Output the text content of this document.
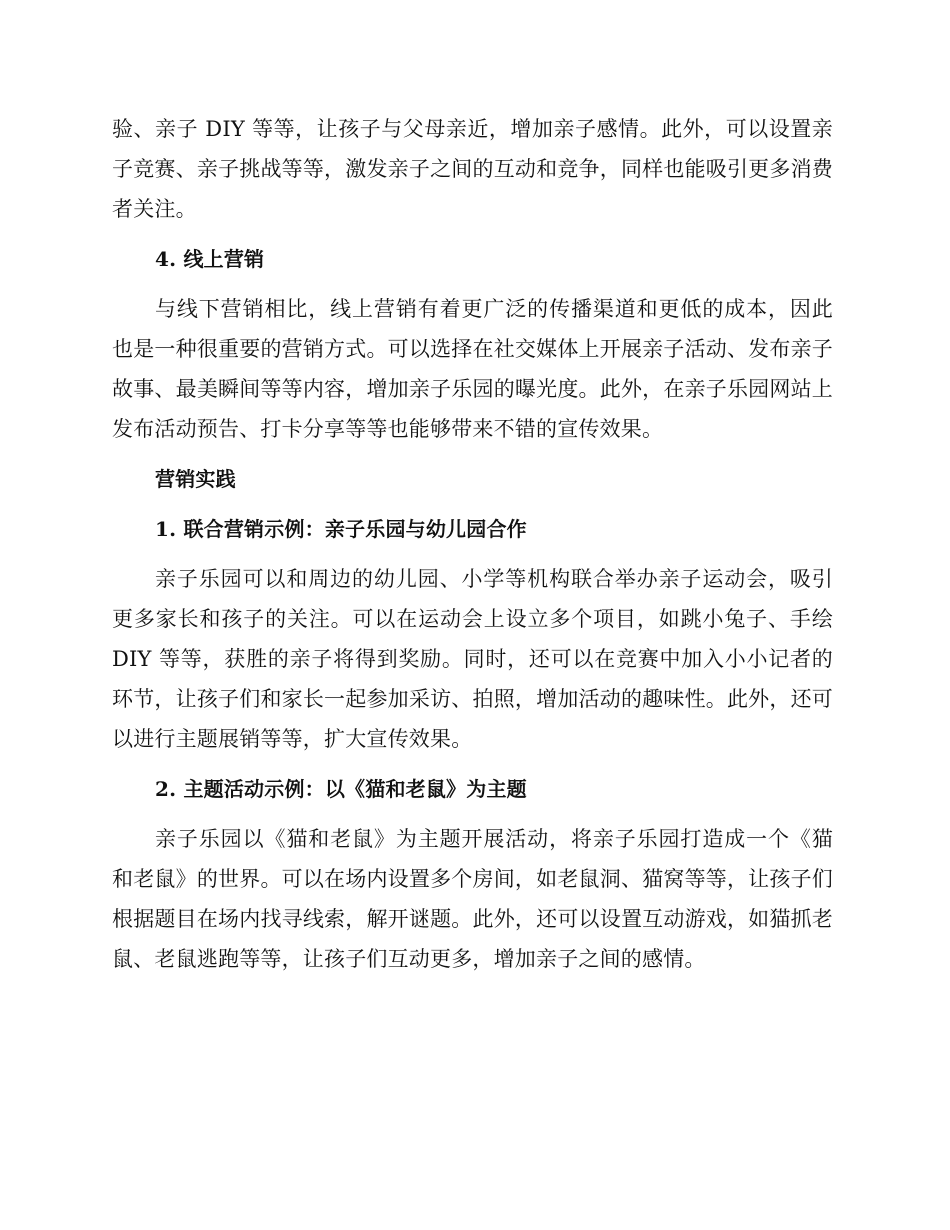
验、亲子 DIY 等等，让孩子与父母亲近，增加亲子感情。此外，可以设置亲子竞赛、亲子挑战等等，激发亲子之间的互动和竞争，同样也能吸引更多消费者关注。

4. 线上营销

与线下营销相比，线上营销有着更广泛的传播渠道和更低的成本，因此也是一种很重要的营销方式。可以选择在社交媒体上开展亲子活动、发布亲子故事、最美瞬间等等内容，增加亲子乐园的曝光度。此外，在亲子乐园网站上发布活动预告、打卡分享等等也能够带来不错的宣传效果。

营销实践
1. 联合营销示例：亲子乐园与幼儿园合作

亲子乐园可以和周边的幼儿园、小学等机构联合举办亲子运动会，吸引更多家长和孩子的关注。可以在运动会上设立多个项目，如跳小兔子、手绘 DIY 等等，获胜的亲子将得到奖励。同时，还可以在竞赛中加入小小记者的环节，让孩子们和家长一起参加采访、拍照，增加活动的趣味性。此外，还可以进行主题展销等等，扩大宣传效果。

2. 主题活动示例：以《猫和老鼠》为主题

亲子乐园以《猫和老鼠》为主题开展活动，将亲子乐园打造成一个《猫和老鼠》的世界。可以在场内设置多个房间，如老鼠洞、猫窝等等，让孩子们根据题目在场内找寻线索，解开谜题。此外，还可以设置互动游戏，如猫抓老鼠、老鼠逃跑等等，让孩子们互动更多，增加亲子之间的感情。
